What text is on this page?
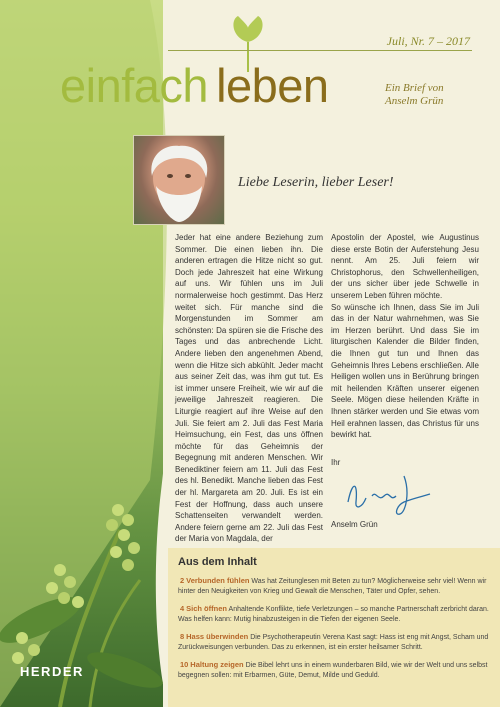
Juli, Nr. 7 – 2017
einfach leben	Ein Brief von Anselm Grün
Liebe Leserin, lieber Leser!
Jeder hat eine andere Beziehung zum Sommer. Die einen lieben ihn. Die anderen ertragen die Hitze nicht so gut. Doch jede Jahreszeit hat eine Wirkung auf uns. Wir fühlen uns im Juli normalerweise hoch gestimmt. Das Herz weitet sich. Für manche sind die Morgenstunden im Sommer am schönsten: Da spüren sie die Frische des Tages und das anbrechende Licht. Andere lieben den angenehmen Abend, wenn die Hitze sich abkühlt. Jeder macht aus seiner Zeit das, was ihm gut tut. Es ist immer unsere Freiheit, wie wir auf die jeweilige Jahreszeit reagieren. Die Liturgie reagiert auf ihre Weise auf den Juli. Sie feiert am 2. Juli das Fest Maria Heimsuchung, ein Fest, das uns öffnen möchte für das Geheimnis der Begegnung mit anderen Menschen. Wir Benediktiner feiern am 11. Juli das Fest des hl. Benedikt. Manche lieben das Fest der hl. Margareta am 20. Juli. Es ist ein Fest der Hoffnung, dass auch unsere Schattenseiten verwandelt werden. Andere feiern gerne am 22. Juli das Fest der Maria von Magdala, der

Apostolin der Apostel, wie Augustinus diese erste Botin der Auferstehung Jesu nennt. Am 25. Juli feiern wir Christophorus, den Schwellenheiligen, der uns sicher über jede Schwelle in unserem Leben führen möchte.

So wünsche ich Ihnen, dass Sie im Juli das in der Natur wahrnehmen, was Sie im Herzen berührt. Und dass Sie im liturgischen Kalender die Bilder finden, die Ihnen gut tun und Ihnen das Geheimnis Ihres Lebens erschließen. Alle Heiligen wollen uns in Berührung bringen mit heilenden Kräften unserer eigenen Seele. Mögen diese heilenden Kräfte in Ihnen stärker werden und Sie etwas vom Heil erahnen lassen, das Christus für uns bewirkt hat.

Ihr
Anselm Grün
Aus dem Inhalt
2 Verbunden fühlen Was hat Zeitunglesen mit Beten zu tun? Möglicherweise sehr viel! Wenn wir hinter den Neuigkeiten von Krieg und Gewalt die Menschen, Täter und Opfer, sehen.
4 Sich öffnen Anhaltende Konflikte, tiefe Verletzungen – so manche Partnerschaft zerbricht daran. Was helfen kann: Mutig hinabzusteigen in die Tiefen der eigenen Seele.
8 Hass überwinden Die Psychotherapeutin Verena Kast sagt: Hass ist eng mit Angst, Scham und Zurückweisungen verbunden. Das zu erkennen, ist ein erster heilsamer Schritt.
10 Haltung zeigen Die Bibel lehrt uns in einem wunderbaren Bild, wie wir der Welt und uns selbst begegnen sollen: mit Erbarmen, Güte, Demut, Milde und Geduld.
HERDER
